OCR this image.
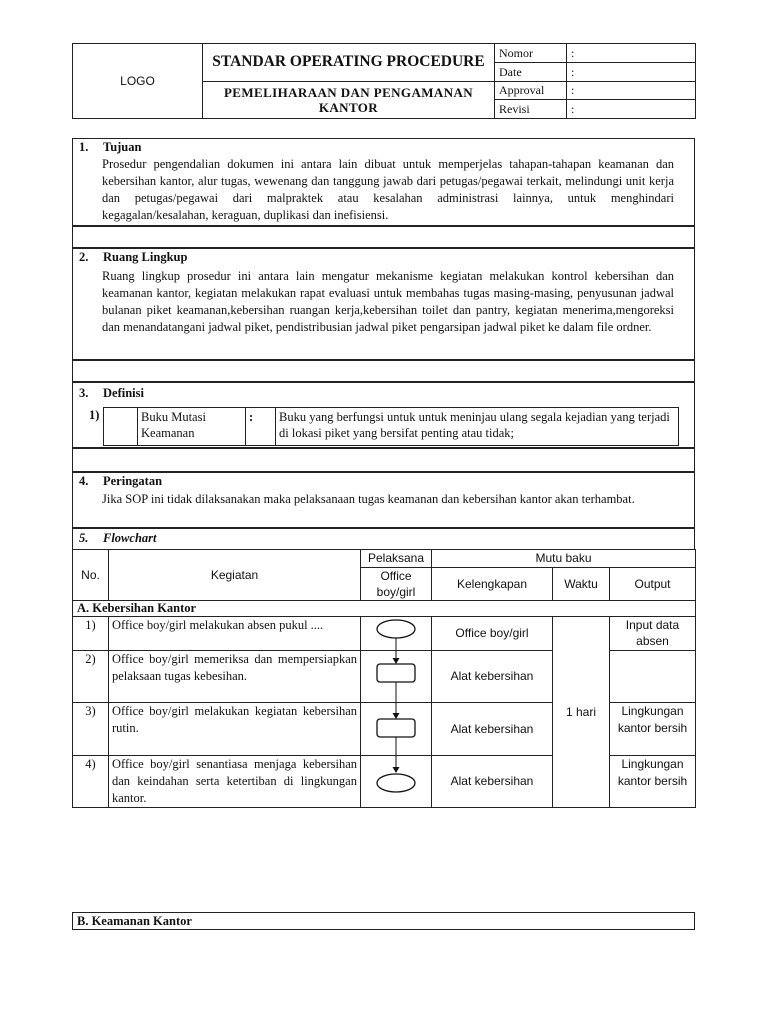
LOGO	STANDAR OPERATING PROCEDURE	Nomor	:
		Date	:
	PEMELIHARAAN DAN PENGAMANAN KANTOR	Approval	:
		Revisi	:
1. Tujuan
Prosedur pengendalian dokumen ini antara lain dibuat untuk memperjelas tahapan-tahapan keamanan dan kebersihan kantor, alur tugas, wewenang dan tanggung jawab dari petugas/pegawai terkait, melindungi unit kerja dan petugas/pegawai dari malpraktek atau kesalahan administrasi lainnya, untuk menghindari kegagalan/kesalahan, keraguan, duplikasi dan inefisiensi.
2. Ruang Lingkup
Ruang lingkup prosedur ini antara lain mengatur mekanisme kegiatan melakukan kontrol kebersihan dan keamanan kantor, kegiatan melakukan rapat evaluasi untuk membahas tugas masing-masing, penyusunan jadwal bulanan piket keamanan,kebersihan ruangan kerja,kebersihan toilet dan pantry, kegiatan menerima,mengoreksi dan menandatangani jadwal piket, pendistribusian jadwal piket pengarsipan jadwal piket ke dalam file ordner.
3. Definisi
1)
		Buku Mutasi Keamanan	:	Buku yang berfungsi untuk untuk meninjau ulang segala kejadian yang terjadi di lokasi piket yang bersifat penting atau tidak;
4. Peringatan
Jika SOP ini tidak dilaksanakan maka pelaksanaan tugas keamanan dan kebersihan kantor akan terhambat.
5. Flowchart
No.	Kegiatan	Pelaksana	Mutu baku		
		Office boy/girl	Kelengkapan	Waktu	Output
A. Kebersihan Kantor					
1)	Office boy/girl melakukan absen pukul ....		Office boy/girl	1 hari	Input data absen
2)	Office boy/girl memeriksa dan mempersiapkan pelaksaan tugas kebesihan.		Alat kebersihan		
3)	Office boy/girl melakukan kegiatan kebersihan rutin.		Alat kebersihan		Lingkungan kantor bersih
4)	Office boy/girl senantiasa menjaga kebersihan dan keindahan serta ketertiban di lingkungan kantor.		Alat kebersihan		Lingkungan kantor bersih
B. Keamanan Kantor
